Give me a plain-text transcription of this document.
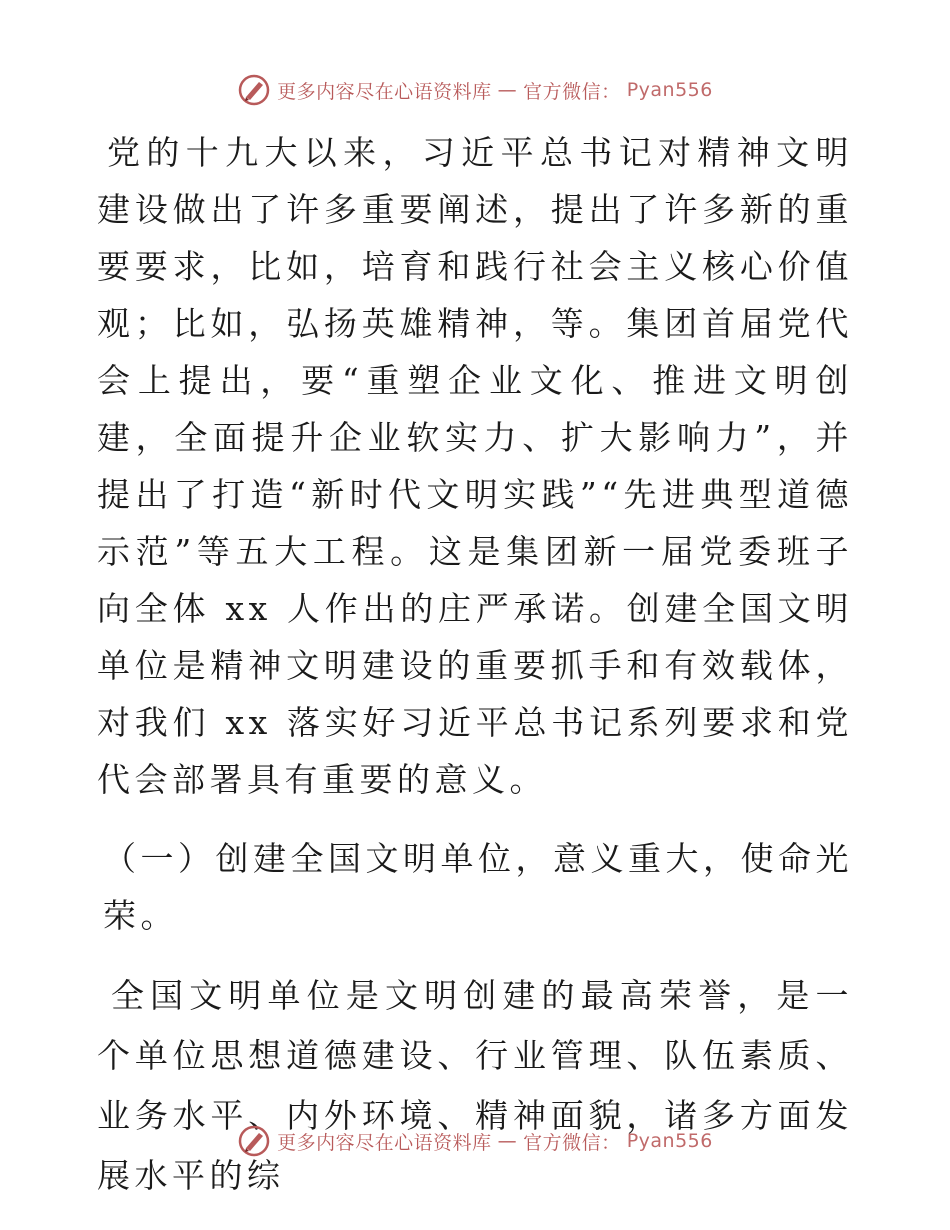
更多内容尽在心语资料库 — 官方微信： Pyan556

党的十九大以来，习近平总书记对精神文明建设做出了许多重要阐述，提出了许多新的重要要求，比如，培育和践行社会主义核心价值观；比如，弘扬英雄精神，等。集团首届党代会上提出，要“重塑企业文化、推进文明创建，全面提升企业软实力、扩大影响力”，并提出了打造“新时代文明实践”“先进典型道德示范”等五大工程。这是集团新一届党委班子向全体 xx 人作出的庄严承诺。创建全国文明单位是精神文明建设的重要抓手和有效载体，对我们 xx 落实好习近平总书记系列要求和党代会部署具有重要的意义。

（一）创建全国文明单位，意义重大，使命光荣。

全国文明单位是文明创建的最高荣誉，是一个单位思想道德建设、行业管理、队伍素质、业务水平、内外环境、精神面貌，诸多方面发展水平的综

更多内容尽在心语资料库 — 官方微信： Pyan556
